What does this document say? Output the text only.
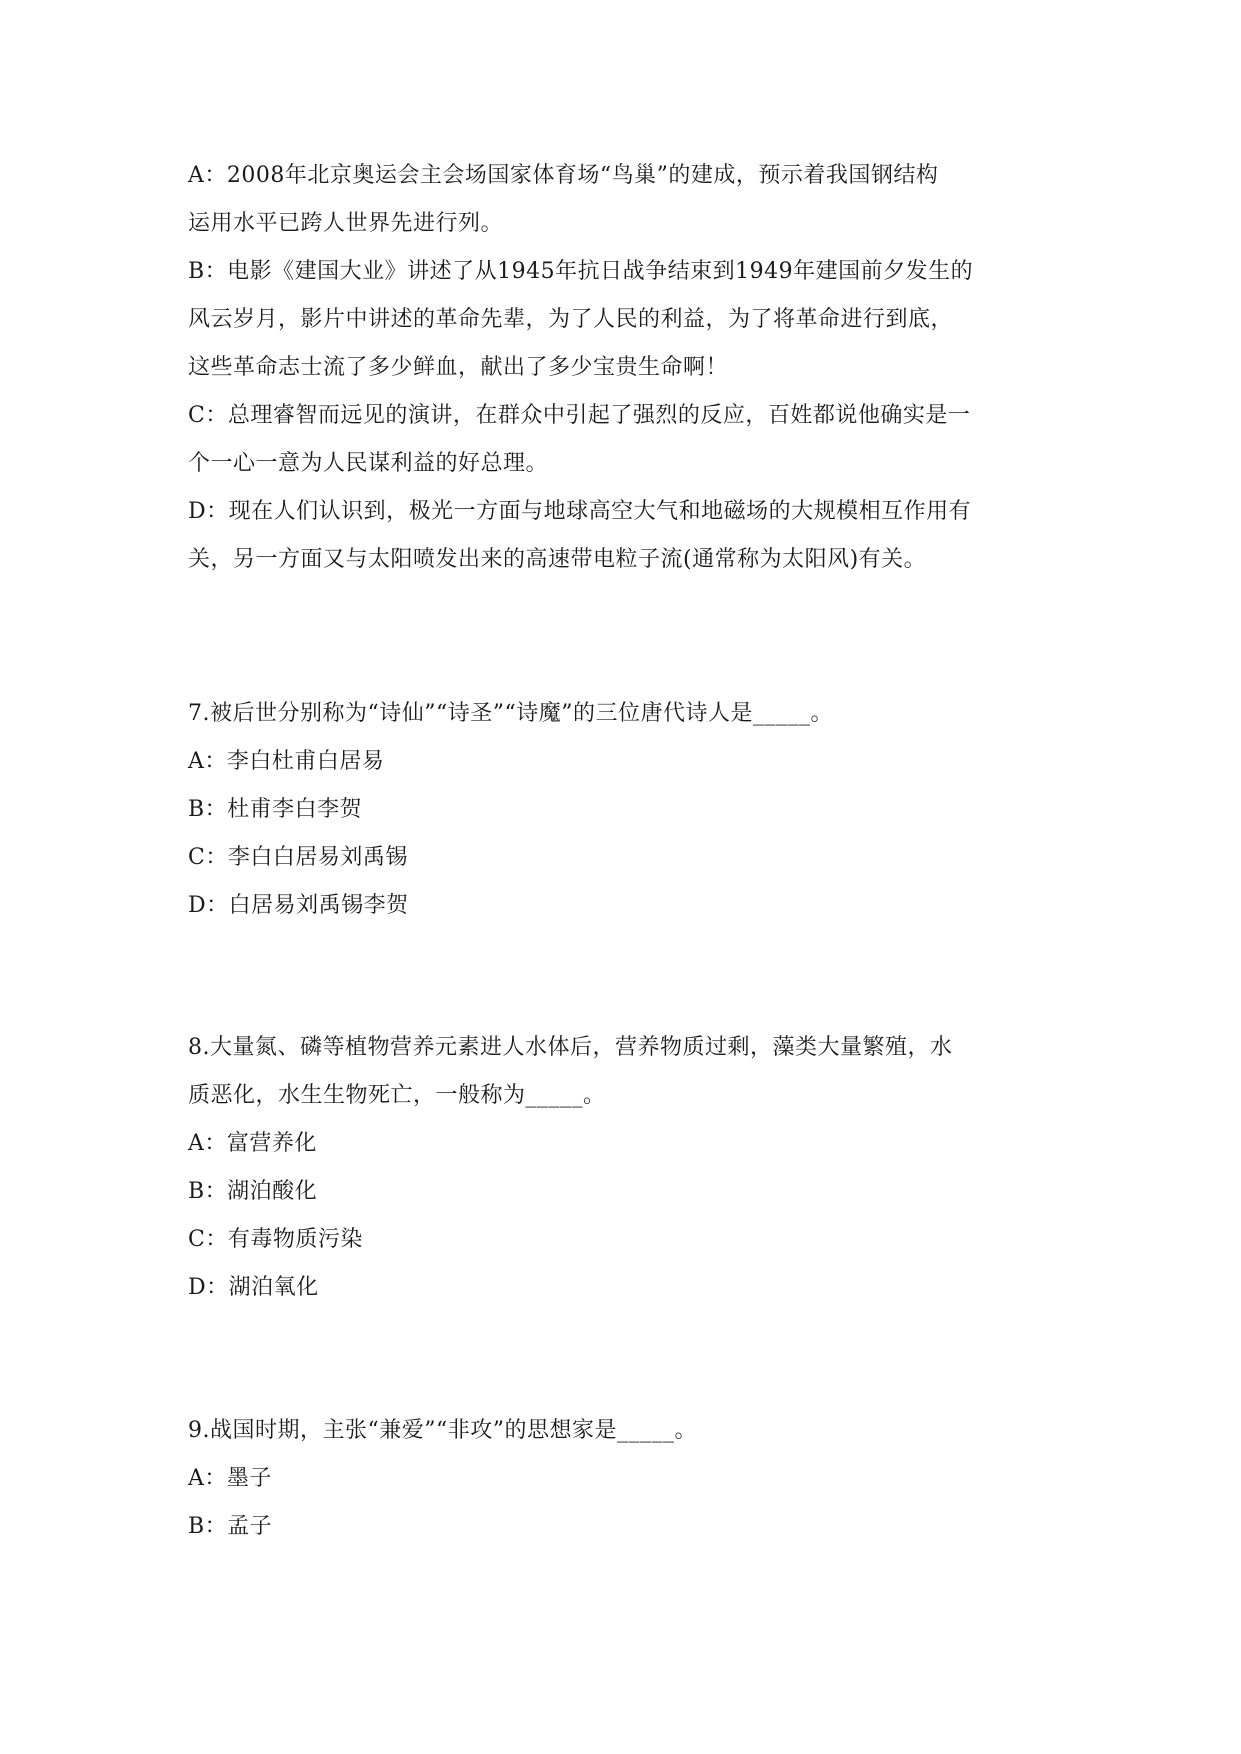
A：2008年北京奥运会主会场国家体育场“鸟巢”的建成，预示着我国钢结构
运用水平已跨人世界先进行列。
B：电影《建国大业》讲述了从1945年抗日战争结束到1949年建国前夕发生的
风云岁月，影片中讲述的革命先辈，为了人民的利益，为了将革命进行到底，
这些革命志士流了多少鲜血，献出了多少宝贵生命啊！
C：总理睿智而远见的演讲，在群众中引起了强烈的反应，百姓都说他确实是一
个一心一意为人民谋利益的好总理。
D：现在人们认识到，极光一方面与地球高空大气和地磁场的大规模相互作用有
关，另一方面又与太阳喷发出来的高速带电粒子流(通常称为太阳风)有关。
7.被后世分别称为“诗仙”“诗圣”“诗魔”的三位唐代诗人是_____。
A：李白杜甫白居易
B：杜甫李白李贺
C：李白白居易刘禹锡
D：白居易刘禹锡李贺
8.大量氮、磷等植物营养元素进人水体后，营养物质过剩，藻类大量繁殖，水
质恶化，水生生物死亡，一般称为_____。
A：富营养化
B：湖泊酸化
C：有毒物质污染
D：湖泊氧化
9.战国时期，主张“兼爱”“非攻”的思想家是_____。
A：墨子
B：孟子
